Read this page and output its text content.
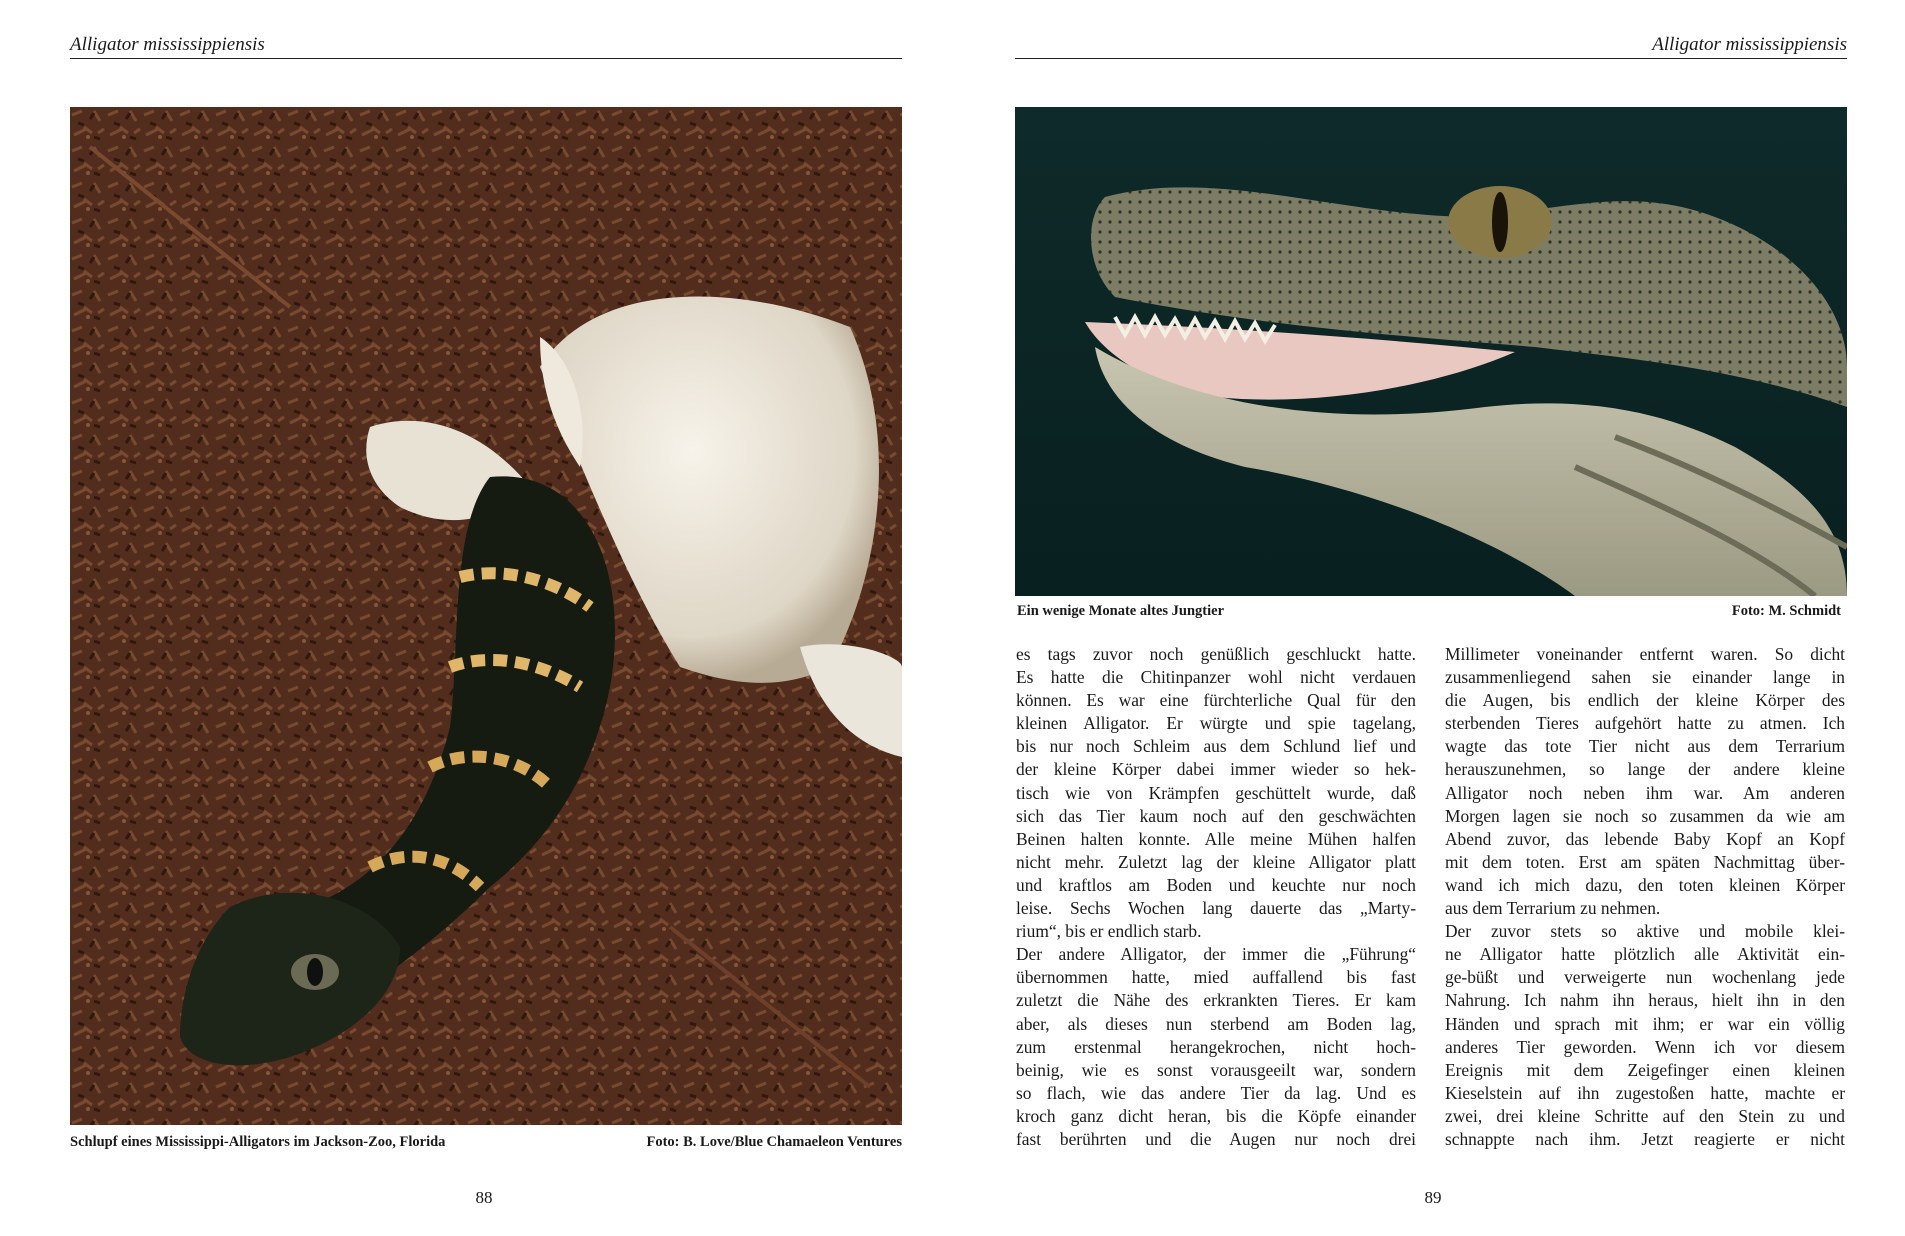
Alligator mississippiensis
Schlupf eines Mississippi-Alligators im Jackson-Zoo, Florida	Foto: B. Love/Blue Chamaeleon Ventures
88
Alligator mississippiensis
Ein wenige Monate altes Jungtier	Foto: M. Schmidt
es tags zuvor noch genüßlich geschluckt hatte.
Es hatte die Chitinpanzer wohl nicht verdauen
können. Es war eine fürchterliche Qual für den
kleinen Alligator. Er würgte und spie tagelang,
bis nur noch Schleim aus dem Schlund lief und
der kleine Körper dabei immer wieder so hek-
tisch wie von Krämpfen geschüttelt wurde, daß
sich das Tier kaum noch auf den geschwächten
Beinen halten konnte. Alle meine Mühen halfen
nicht mehr. Zuletzt lag der kleine Alligator platt
und kraftlos am Boden und keuchte nur noch
leise. Sechs Wochen lang dauerte das „Marty-
rium“, bis er endlich starb.
Der andere Alligator, der immer die „Führung“
übernommen hatte, mied auffallend bis fast
zuletzt die Nähe des erkrankten Tieres. Er kam
aber, als dieses nun sterbend am Boden lag,
zum erstenmal herangekrochen, nicht hoch-
beinig, wie es sonst vorausgeeilt war, sondern
so flach, wie das andere Tier da lag. Und es
kroch ganz dicht heran, bis die Köpfe einander
fast berührten und die Augen nur noch drei
Millimeter voneinander entfernt waren. So dicht
zusammenliegend sahen sie einander lange in
die Augen, bis endlich der kleine Körper des
sterbenden Tieres aufgehört hatte zu atmen. Ich
wagte das tote Tier nicht aus dem Terrarium
herauszunehmen, so lange der andere kleine
Alligator noch neben ihm war. Am anderen
Morgen lagen sie noch so zusammen da wie am
Abend zuvor, das lebende Baby Kopf an Kopf
mit dem toten. Erst am späten Nachmittag über-
wand ich mich dazu, den toten kleinen Körper
aus dem Terrarium zu nehmen.
Der zuvor stets so aktive und mobile klei-
ne Alligator hatte plötzlich alle Aktivität ein-
ge-büßt und verweigerte nun wochenlang jede
Nahrung. Ich nahm ihn heraus, hielt ihn in den
Händen und sprach mit ihm; er war ein völlig
anderes Tier geworden. Wenn ich vor diesem
Ereignis mit dem Zeigefinger einen kleinen
Kieselstein auf ihn zugestoßen hatte, machte er
zwei, drei kleine Schritte auf den Stein zu und
schnappte nach ihm. Jetzt reagierte er nicht
89
